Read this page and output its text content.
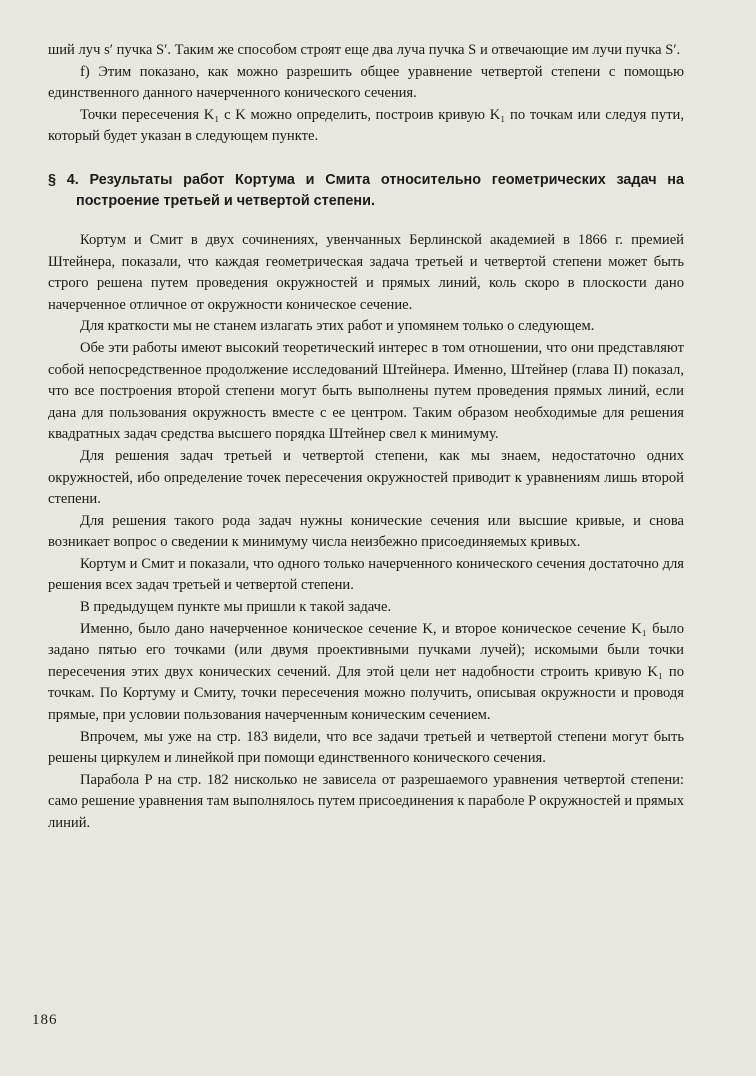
ший луч s′ пучка S′. Таким же способом строят еще два луча пучка S и отвечающие им лучи пучка S′.

f) Этим показано, как можно разрешить общее уравнение четвертой степени с помощью единственного данного начерченного конического сечения.

Точки пересечения K₁ с K можно определить, построив кривую K₁ по точкам или следуя пути, который будет указан в следующем пункте.

§ 4. Результаты работ Кортума и Смита относительно геометрических задач на построение третьей и четвертой степени.

Кортум и Смит в двух сочинениях, увенчанных Берлинской академией в 1866 г. премией Штейнера, показали, что каждая геометрическая задача третьей и четвертой степени может быть строго решена путем проведения окружностей и прямых линий, коль скоро в плоскости дано начерченное отличное от окружности коническое сечение.

Для краткости мы не станем излагать этих работ и упомянем только о следующем.

Обе эти работы имеют высокий теоретический интерес в том отношении, что они представляют собой непосредственное продолжение исследований Штейнера. Именно, Штейнер (глава II) показал, что все построения второй степени могут быть выполнены путем проведения прямых линий, если дана для пользования окружность вместе с ее центром. Таким образом необходимые для решения квадратных задач средства высшего порядка Штейнер свел к минимуму.

Для решения задач третьей и четвертой степени, как мы знаем, недостаточно одних окружностей, ибо определение точек пересечения окружностей приводит к уравнениям лишь второй степени.

Для решения такого рода задач нужны конические сечения или высшие кривые, и снова возникает вопрос о сведении к минимуму числа неизбежно присоединяемых кривых.

Кортум и Смит и показали, что одного только начерченного конического сечения достаточно для решения всех задач третьей и четвертой степени.

В предыдущем пункте мы пришли к такой задаче.

Именно, было дано начерченное коническое сечение K, и второе коническое сечение K₁ было задано пятью его точками (или двумя проективными пучками лучей); искомыми были точки пересечения этих двух конических сечений. Для этой цели нет надобности строить кривую K₁ по точкам. По Кортуму и Смиту, точки пересечения можно получить, описывая окружности и проводя прямые, при условии пользования начерченным коническим сечением.

Впрочем, мы уже на стр. 183 видели, что все задачи третьей и четвертой степени могут быть решены циркулем и линейкой при помощи единственного конического сечения.

Парабола P на стр. 182 нисколько не зависела от разрешаемого уравнения четвертой степени: само решение уравнения там выполнялось путем присоединения к параболе P окружностей и прямых линий.

186
